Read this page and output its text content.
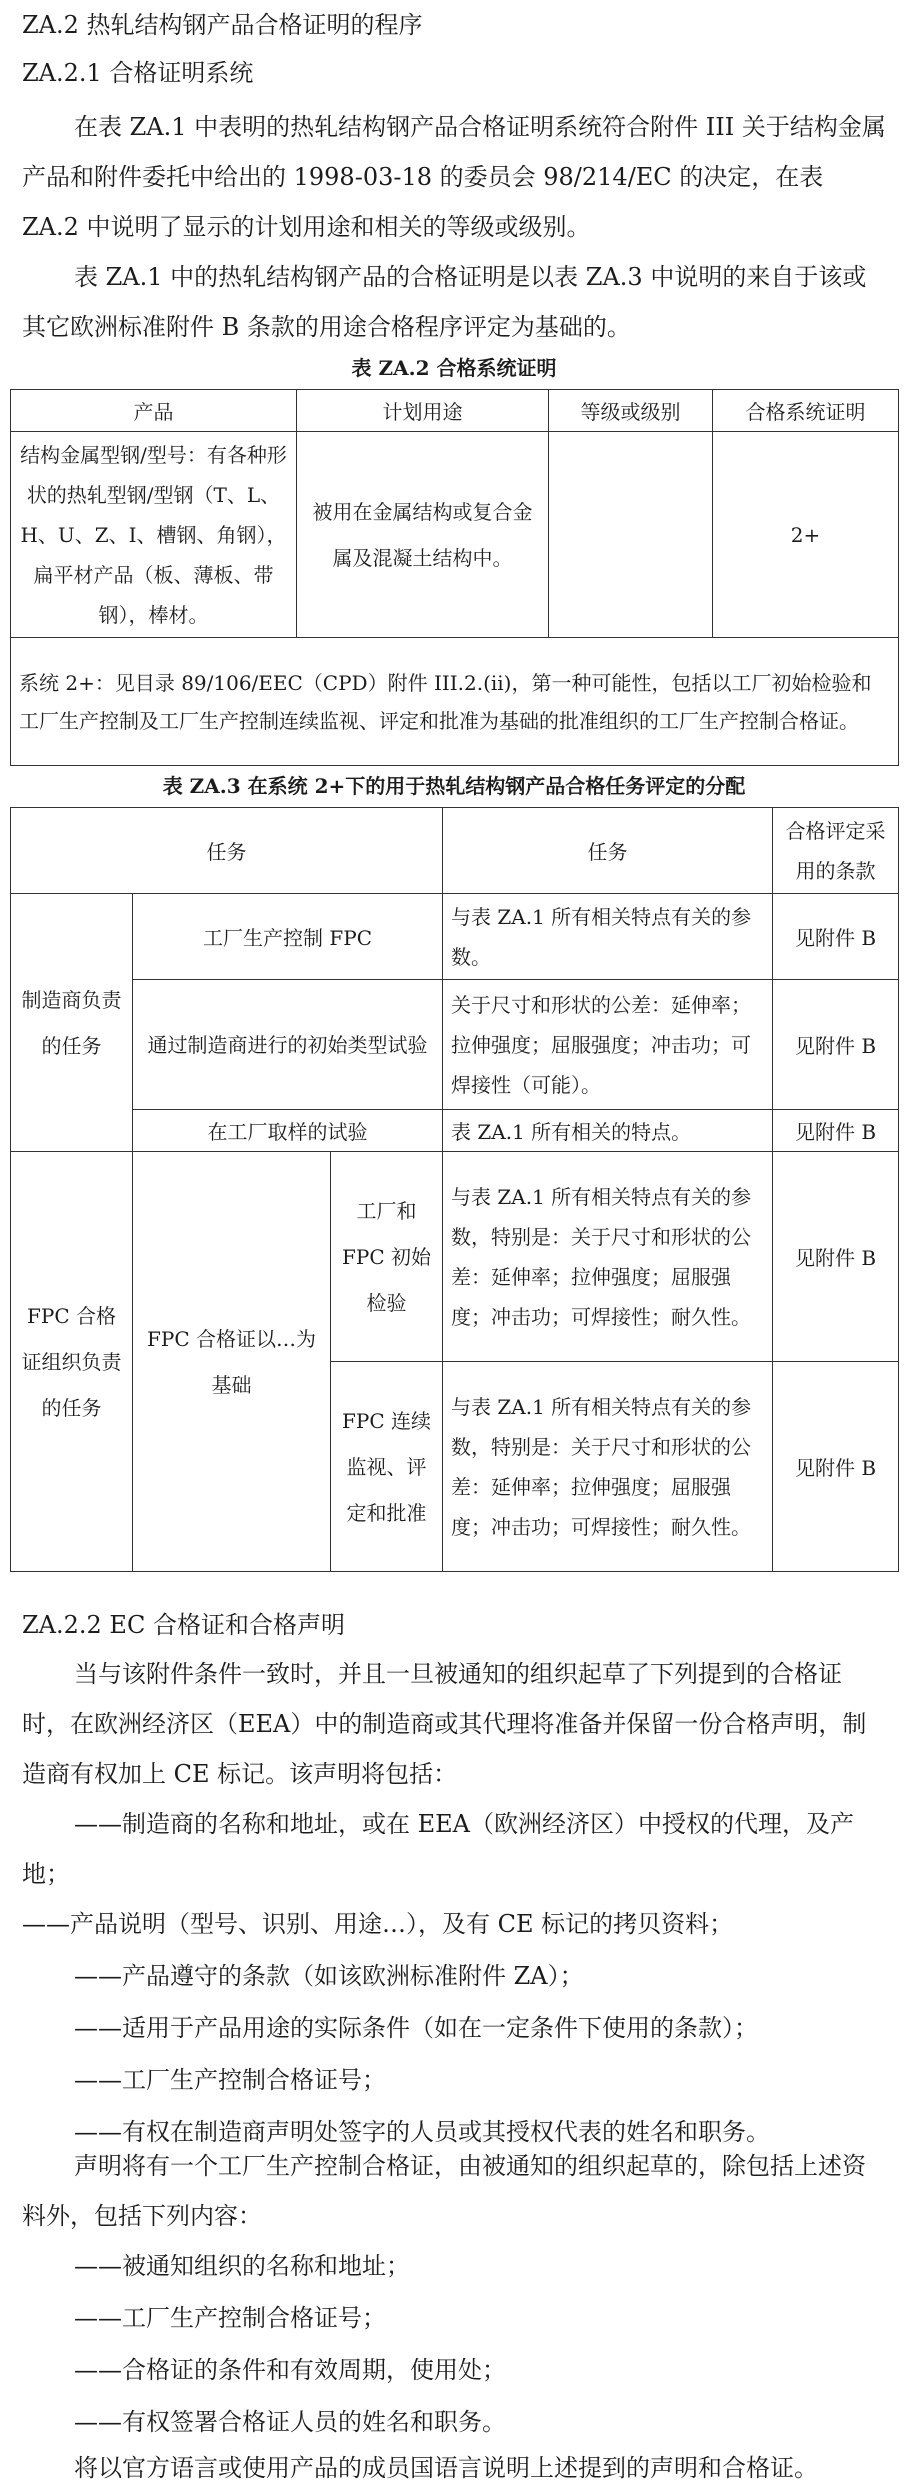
ZA.2 热轧结构钢产品合格证明的程序
ZA.2.1 合格证明系统
在表 ZA.1 中表明的热轧结构钢产品合格证明系统符合附件 III 关于结构金属产品和附件委托中给出的 1998-03-18 的委员会 98/214/EC 的决定，在表 ZA.2 中说明了显示的计划用途和相关的等级或级别。
表 ZA.1 中的热轧结构钢产品的合格证明是以表 ZA.3 中说明的来自于该或其它欧洲标准附件 B 条款的用途合格程序评定为基础的。
表 ZA.2 合格系统证明
产品	计划用途	等级或级别	合格系统证明
结构金属型钢/型号：有各种形状的热轧型钢/型钢（T、L、H、U、Z、I、槽钢、角钢），扁平材产品（板、薄板、带钢），棒材。	被用在金属结构或复合金属及混凝土结构中。		2+
系统 2+：见目录 89/106/EEC（CPD）附件 III.2.(ii)，第一种可能性，包括以工厂初始检验和工厂生产控制及工厂生产控制连续监视、评定和批准为基础的批准组织的工厂生产控制合格证。			
表 ZA.3 在系统 2+下的用于热轧结构钢产品合格任务评定的分配
任务			任务	合格评定采用的条款
制造商负责的任务	工厂生产控制 FPC		与表 ZA.1 所有相关特点有关的参数。	见附件 B
	通过制造商进行的初始类型试验		关于尺寸和形状的公差：延伸率；拉伸强度；屈服强度；冲击功；可焊接性（可能）。	见附件 B
	在工厂取样的试验		表 ZA.1 所有相关的特点。	见附件 B
FPC 合格证组织负责的任务	FPC 合格证以…为基础	工厂和 FPC 初始检验	与表 ZA.1 所有相关特点有关的参数，特别是：关于尺寸和形状的公差：延伸率；拉伸强度；屈服强度；冲击功；可焊接性；耐久性。	见附件 B
		FPC 连续监视、评定和批准	与表 ZA.1 所有相关特点有关的参数，特别是：关于尺寸和形状的公差：延伸率；拉伸强度；屈服强度；冲击功；可焊接性；耐久性。	见附件 B
ZA.2.2 EC 合格证和合格声明
当与该附件条件一致时，并且一旦被通知的组织起草了下列提到的合格证时，在欧洲经济区（EEA）中的制造商或其代理将准备并保留一份合格声明，制造商有权加上 CE 标记。该声明将包括：
——制造商的名称和地址，或在 EEA（欧洲经济区）中授权的代理，及产地；
——产品说明（型号、识别、用途…），及有 CE 标记的拷贝资料；
——产品遵守的条款（如该欧洲标准附件 ZA）；
——适用于产品用途的实际条件（如在一定条件下使用的条款）；
——工厂生产控制合格证号；
——有权在制造商声明处签字的人员或其授权代表的姓名和职务。
声明将有一个工厂生产控制合格证，由被通知的组织起草的，除包括上述资料外，包括下列内容：
——被通知组织的名称和地址；
——工厂生产控制合格证号；
——合格证的条件和有效周期，使用处；
——有权签署合格证人员的姓名和职务。
将以官方语言或使用产品的成员国语言说明上述提到的声明和合格证。
